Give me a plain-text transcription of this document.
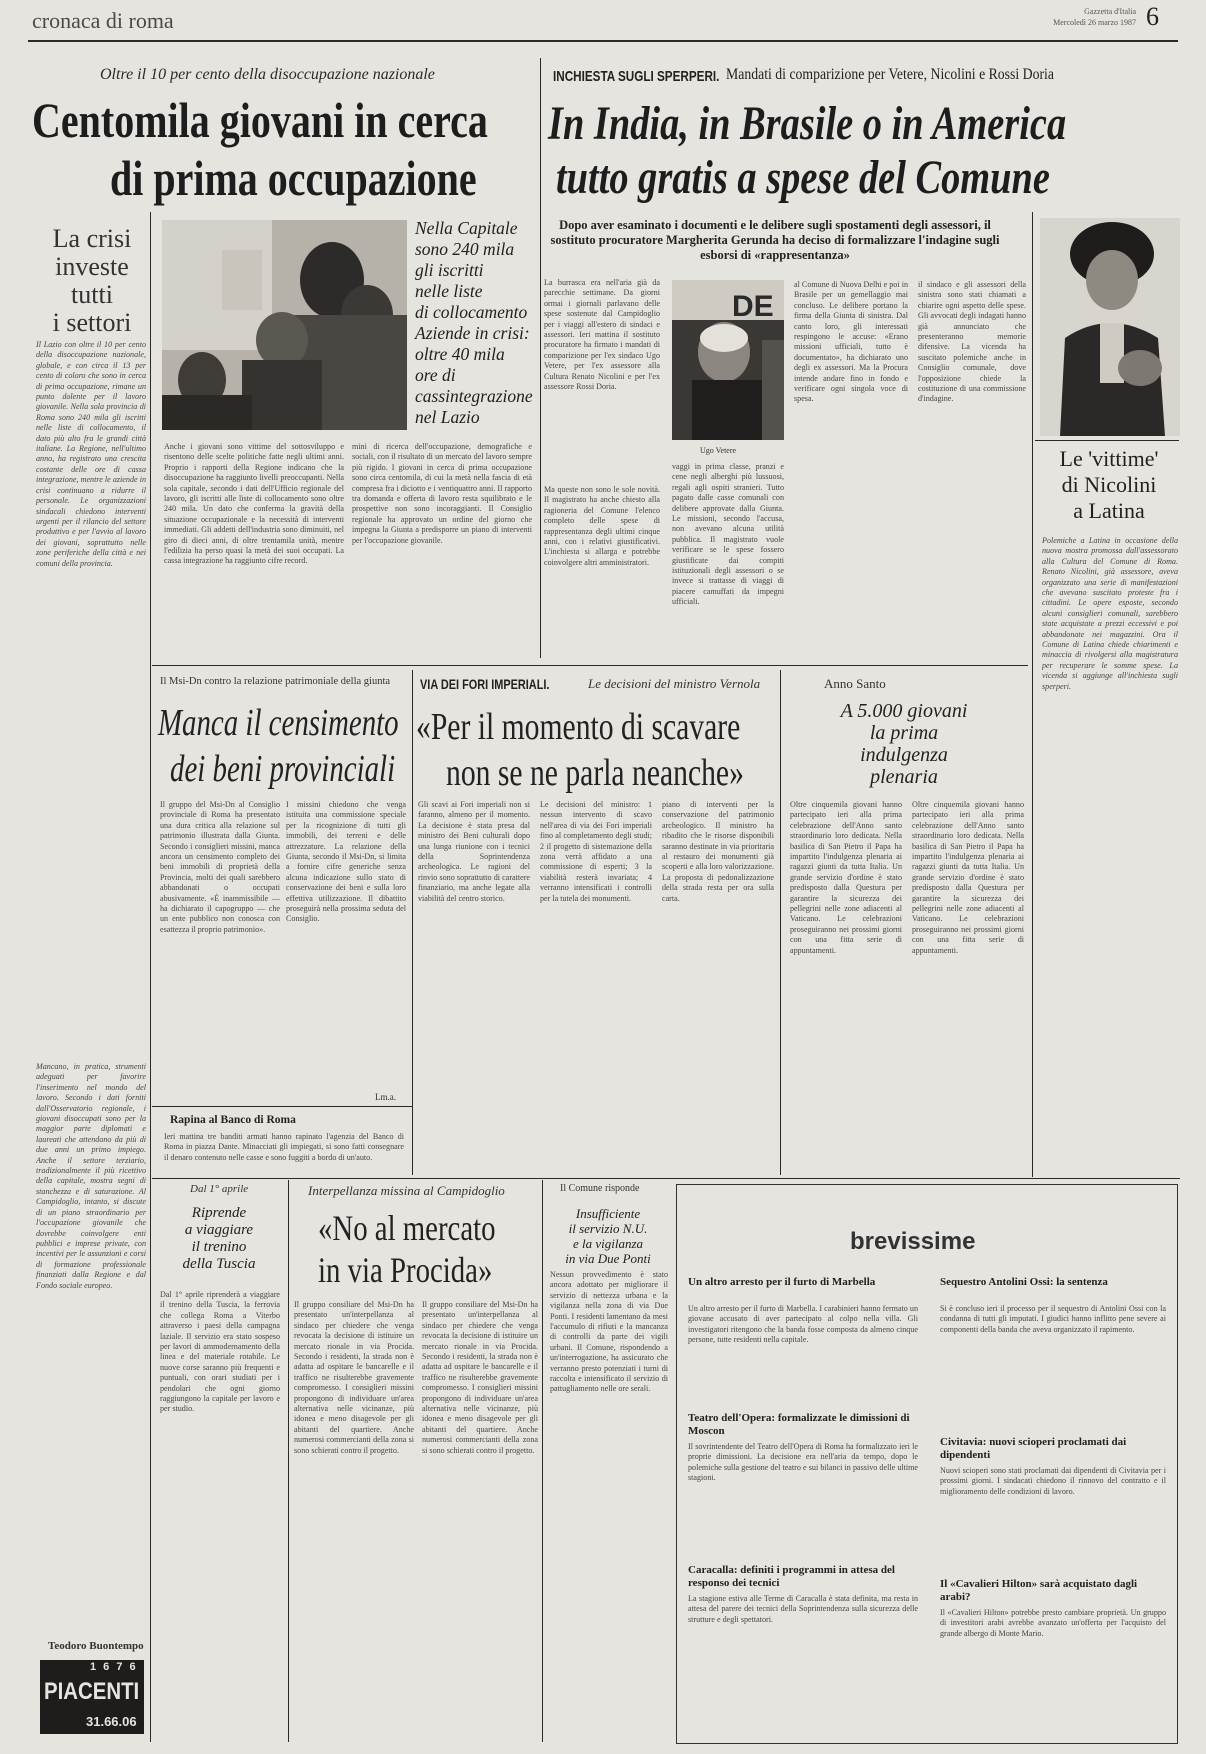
cronaca di roma	Gazzetta d'Italia
Mercoledì 26 marzo 1987 6
Oltre il 10 per cento della disoccupazione nazionale
Centomila giovani in cerca
di prima occupazione
La crisi
investe
tutti
i settori
Il Lazio con oltre il 10 per cento della disoccupazione nazionale, globale, e con circa il 13 per cento di coloro che sono in cerca di prima occupazione, rimane un punto dolente per il lavoro giovanile. Nella sola provincia di Roma sono 240 mila gli iscritti nelle liste di collocamento, il dato più alto fra le grandi città italiane. La Regione, nell'ultimo anno, ha registrato una crescita costante delle ore di cassa integrazione, mentre le aziende in crisi continuano a ridurre il personale. Le organizzazioni sindacali chiedono interventi urgenti per il rilancio del settore produttivo e per l'avvio al lavoro dei giovani, soprattutto nelle zone periferiche della città e nei comuni della provincia.
Mancano, in pratica, strumenti adeguati per favorire l'inserimento nel mondo del lavoro. Secondo i dati forniti dall'Osservatorio regionale, i giovani disoccupati sono per la maggior parte diplomati e laureati che attendono da più di due anni un primo impiego. Anche il settore terziario, tradizionalmente il più ricettivo della capitale, mostra segni di stanchezza e di saturazione. Al Campidoglio, intanto, si discute di un piano straordinario per l'occupazione giovanile che dovrebbe coinvolgere enti pubblici e imprese private, con incentivi per le assunzioni e corsi di formazione professionale finanziati dalla Regione e dal Fondo sociale europeo.
Teodoro Buontempo
Nella Capitale
sono 240 mila
gli iscritti
nelle liste
di collocamento
Aziende in crisi:
oltre 40 mila
ore di
cassintegrazione
nel Lazio
Anche i giovani sono vittime del sottosviluppo e risentono delle scelte politiche fatte negli ultimi anni. Proprio i rapporti della Regione indicano che la disoccupazione ha raggiunto livelli preoccupanti. Nella sola capitale, secondo i dati dell'Ufficio regionale del lavoro, gli iscritti alle liste di collocamento sono oltre 240 mila. Un dato che conferma la gravità della situazione occupazionale e la necessità di interventi immediati. Gli addetti dell'industria sono diminuiti, nel giro di dieci anni, di oltre trentamila unità, mentre l'edilizia ha perso quasi la metà dei suoi occupati. La cassa integrazione ha raggiunto cifre record.
mini di ricerca dell'occupazione, demografiche e sociali, con il risultato di un mercato del lavoro sempre più rigido. I giovani in cerca di prima occupazione sono circa centomila, di cui la metà nella fascia di età compresa fra i diciotto e i ventiquattro anni. Il rapporto tra domanda e offerta di lavoro resta squilibrato e le prospettive non sono incoraggianti. Il Consiglio regionale ha approvato un ordine del giorno che impegna la Giunta a predisporre un piano di interventi per l'occupazione giovanile.
INCHIESTA SUGLI SPERPERI. Mandati di comparizione per Vetere, Nicolini e Rossi Doria
In India, in Brasile o in America
tutto gratis a spese del Comune
Dopo aver esaminato i documenti e le delibere sugli spostamenti degli assessori, il sostituto procuratore Margherita Gerunda ha deciso di formalizzare l'indagine sugli esborsi di «rappresentanza»
La burrasca era nell'aria già da parecchie settimane. Da giorni ormai i giornali parlavano delle spese sostenute dal Campidoglio per i viaggi all'estero di sindaci e assessori. Ieri mattina il sostituto procuratore ha firmato i mandati di comparizione per l'ex sindaco Ugo Vetere, per l'ex assessore alla Cultura Renato Nicolini e per l'ex assessore Rossi Doria.
Ma queste non sono le sole novità. Il magistrato ha anche chiesto alla ragioneria del Comune l'elenco completo delle spese di rappresentanza degli ultimi cinque anni, con i relativi giustificativi. L'inchiesta si allarga e potrebbe coinvolgere altri amministratori.
DE
Ugo Vetere
vaggi in prima classe, pranzi e cene negli alberghi più lussuosi, regali agli ospiti stranieri. Tutto pagato dalle casse comunali con delibere approvate dalla Giunta. Le missioni, secondo l'accusa, non avevano alcuna utilità pubblica. Il magistrato vuole verificare se le spese fossero giustificate dai compiti istituzionali degli assessori o se invece si trattasse di viaggi di piacere camuffati da impegni ufficiali.
al Comune di Nuova Delhi e poi in Brasile per un gemellaggio mai concluso. Le delibere portano la firma della Giunta di sinistra. Dal canto loro, gli interessati respingono le accuse: «Erano missioni ufficiali, tutto è documentato», ha dichiarato uno degli ex assessori. Ma la Procura intende andare fino in fondo e verificare ogni singola voce di spesa.
il sindaco e gli assessori della sinistra sono stati chiamati a chiarire ogni aspetto delle spese. Gli avvocati degli indagati hanno già annunciato che presenteranno memorie difensive. La vicenda ha suscitato polemiche anche in Consiglio comunale, dove l'opposizione chiede la costituzione di una commissione d'indagine.
Le 'vittime'
di Nicolini
a Latina
Polemiche a Latina in occasione della nuova mostra promossa dall'assessorato alla Cultura del Comune di Roma. Renato Nicolini, già assessore, aveva organizzato una serie di manifestazioni che avevano suscitato proteste fra i cittadini. Le opere esposte, secondo alcuni consiglieri comunali, sarebbero state acquistate a prezzi eccessivi e poi abbandonate nei magazzini. Ora il Comune di Latina chiede chiarimenti e minaccia di rivolgersi alla magistratura per recuperare le somme spese. La vicenda si aggiunge all'inchiesta sugli sperperi.
Il Msi-Dn contro la relazione patrimoniale della giunta
Manca il censimento
dei beni provinciali
Il gruppo del Msi-Dn al Consiglio provinciale di Roma ha presentato una dura critica alla relazione sul patrimonio illustrata dalla Giunta. Secondo i consiglieri missini, manca ancora un censimento completo dei beni immobili di proprietà della Provincia, molti dei quali sarebbero abbandonati o occupati abusivamente. «È inammissibile — ha dichiarato il capogruppo — che un ente pubblico non conosca con esattezza il proprio patrimonio».
I missini chiedono che venga istituita una commissione speciale per la ricognizione di tutti gli immobili, dei terreni e delle attrezzature. La relazione della Giunta, secondo il Msi-Dn, si limita a fornire cifre generiche senza alcuna indicazione sullo stato di conservazione dei beni e sulla loro effettiva utilizzazione. Il dibattito proseguirà nella prossima seduta del Consiglio.
Lm.a.
Rapina al Banco di Roma
Ieri mattina tre banditi armati hanno rapinato l'agenzia del Banco di Roma in piazza Dante. Minacciati gli impiegati, si sono fatti consegnare il denaro contenuto nelle casse e sono fuggiti a bordo di un'auto.
VIA DEI FORI IMPERIALI.	Le decisioni del ministro Vernola
«Per il momento di scavare
non se ne parla neanche»
Gli scavi ai Fori imperiali non si faranno, almeno per il momento. La decisione è stata presa dal ministro dei Beni culturali dopo una lunga riunione con i tecnici della Soprintendenza archeologica. Le ragioni del rinvio sono soprattutto di carattere finanziario, ma anche legate alla viabilità del centro storico.
Le decisioni del ministro: 1 nessun intervento di scavo nell'area di via dei Fori imperiali fino al completamento degli studi; 2 il progetto di sistemazione della zona verrà affidato a una commissione di esperti; 3 la viabilità resterà invariata; 4 verranno intensificati i controlli per la tutela dei monumenti.
piano di interventi per la conservazione del patrimonio archeologico. Il ministro ha ribadito che le risorse disponibili saranno destinate in via prioritaria al restauro dei monumenti già scoperti e alla loro valorizzazione. La proposta di pedonalizzazione della strada resta per ora sulla carta.
Anno Santo
A 5.000 giovani
la prima
indulgenza
plenaria
Oltre cinquemila giovani hanno partecipato ieri alla prima celebrazione dell'Anno santo straordinario loro dedicata. Nella basilica di San Pietro il Papa ha impartito l'indulgenza plenaria ai ragazzi giunti da tutta Italia. Un grande servizio d'ordine è stato predisposto dalla Questura per garantire la sicurezza dei pellegrini nelle zone adiacenti al Vaticano. Le celebrazioni proseguiranno nei prossimi giorni con una fitta serie di appuntamenti.
Oltre cinquemila giovani hanno partecipato ieri alla prima celebrazione dell'Anno santo straordinario loro dedicata. Nella basilica di San Pietro il Papa ha impartito l'indulgenza plenaria ai ragazzi giunti da tutta Italia. Un grande servizio d'ordine è stato predisposto dalla Questura per garantire la sicurezza dei pellegrini nelle zone adiacenti al Vaticano. Le celebrazioni proseguiranno nei prossimi giorni con una fitta serie di appuntamenti.
Dal 1° aprile
Riprende
a viaggiare
il trenino
della Tuscia
Dal 1° aprile riprenderà a viaggiare il trenino della Tuscia, la ferrovia che collega Roma a Viterbo attraverso i paesi della campagna laziale. Il servizio era stato sospeso per lavori di ammodernamento della linea e del materiale rotabile. Le nuove corse saranno più frequenti e puntuali, con orari studiati per i pendolari che ogni giorno raggiungono la capitale per lavoro e per studio.
Interpellanza missina al Campidoglio
«No al mercato
in via Procida»
Il gruppo consiliare del Msi-Dn ha presentato un'interpellanza al sindaco per chiedere che venga revocata la decisione di istituire un mercato rionale in via Procida. Secondo i residenti, la strada non è adatta ad ospitare le bancarelle e il traffico ne risulterebbe gravemente compromesso. I consiglieri missini propongono di individuare un'area alternativa nelle vicinanze, più idonea e meno disagevole per gli abitanti del quartiere. Anche numerosi commercianti della zona si sono schierati contro il progetto.
Il gruppo consiliare del Msi-Dn ha presentato un'interpellanza al sindaco per chiedere che venga revocata la decisione di istituire un mercato rionale in via Procida. Secondo i residenti, la strada non è adatta ad ospitare le bancarelle e il traffico ne risulterebbe gravemente compromesso. I consiglieri missini propongono di individuare un'area alternativa nelle vicinanze, più idonea e meno disagevole per gli abitanti del quartiere. Anche numerosi commercianti della zona si sono schierati contro il progetto.
Il Comune risponde
Insufficiente
il servizio N.U.
e la vigilanza
in via Due Ponti
Nessun provvedimento è stato ancora adottato per migliorare il servizio di nettezza urbana e la vigilanza nella zona di via Due Ponti. I residenti lamentano da mesi l'accumulo di rifiuti e la mancanza di controlli da parte dei vigili urbani. Il Comune, rispondendo a un'interrogazione, ha assicurato che verranno presto potenziati i turni di raccolta e intensificato il servizio di pattugliamento nelle ore serali.
brevissime
Un altro arresto per il furto di Marbella
Un altro arresto per il furto di Marbella. I carabinieri hanno fermato un giovane accusato di aver partecipato al colpo nella villa. Gli investigatori ritengono che la banda fosse composta da almeno cinque persone, tutte residenti nella capitale.
Teatro dell'Opera: formalizzate le dimissioni di Moscon
Il sovrintendente del Teatro dell'Opera di Roma ha formalizzato ieri le proprie dimissioni. La decisione era nell'aria da tempo, dopo le polemiche sulla gestione del teatro e sui bilanci in passivo delle ultime stagioni.
Caracalla: definiti i programmi in attesa del responso dei tecnici
La stagione estiva alle Terme di Caracalla è stata definita, ma resta in attesa del parere dei tecnici della Soprintendenza sulla sicurezza delle strutture e degli spettatori.
Sequestro Antolini Ossi: la sentenza
Si è concluso ieri il processo per il sequestro di Antolini Ossi con la condanna di tutti gli imputati. I giudici hanno inflitto pene severe ai componenti della banda che aveva organizzato il rapimento.
Civitavia: nuovi scioperi proclamati dai dipendenti
Nuovi scioperi sono stati proclamati dai dipendenti di Civitavia per i prossimi giorni. I sindacati chiedono il rinnovo del contratto e il miglioramento delle condizioni di lavoro.
Il «Cavalieri Hilton» sarà acquistato dagli arabi?
Il «Cavalieri Hilton» potrebbe presto cambiare proprietà. Un gruppo di investitori arabi avrebbe avanzato un'offerta per l'acquisto del grande albergo di Monte Mario.
1 6 7 6
PIACENTI
31.66.06
